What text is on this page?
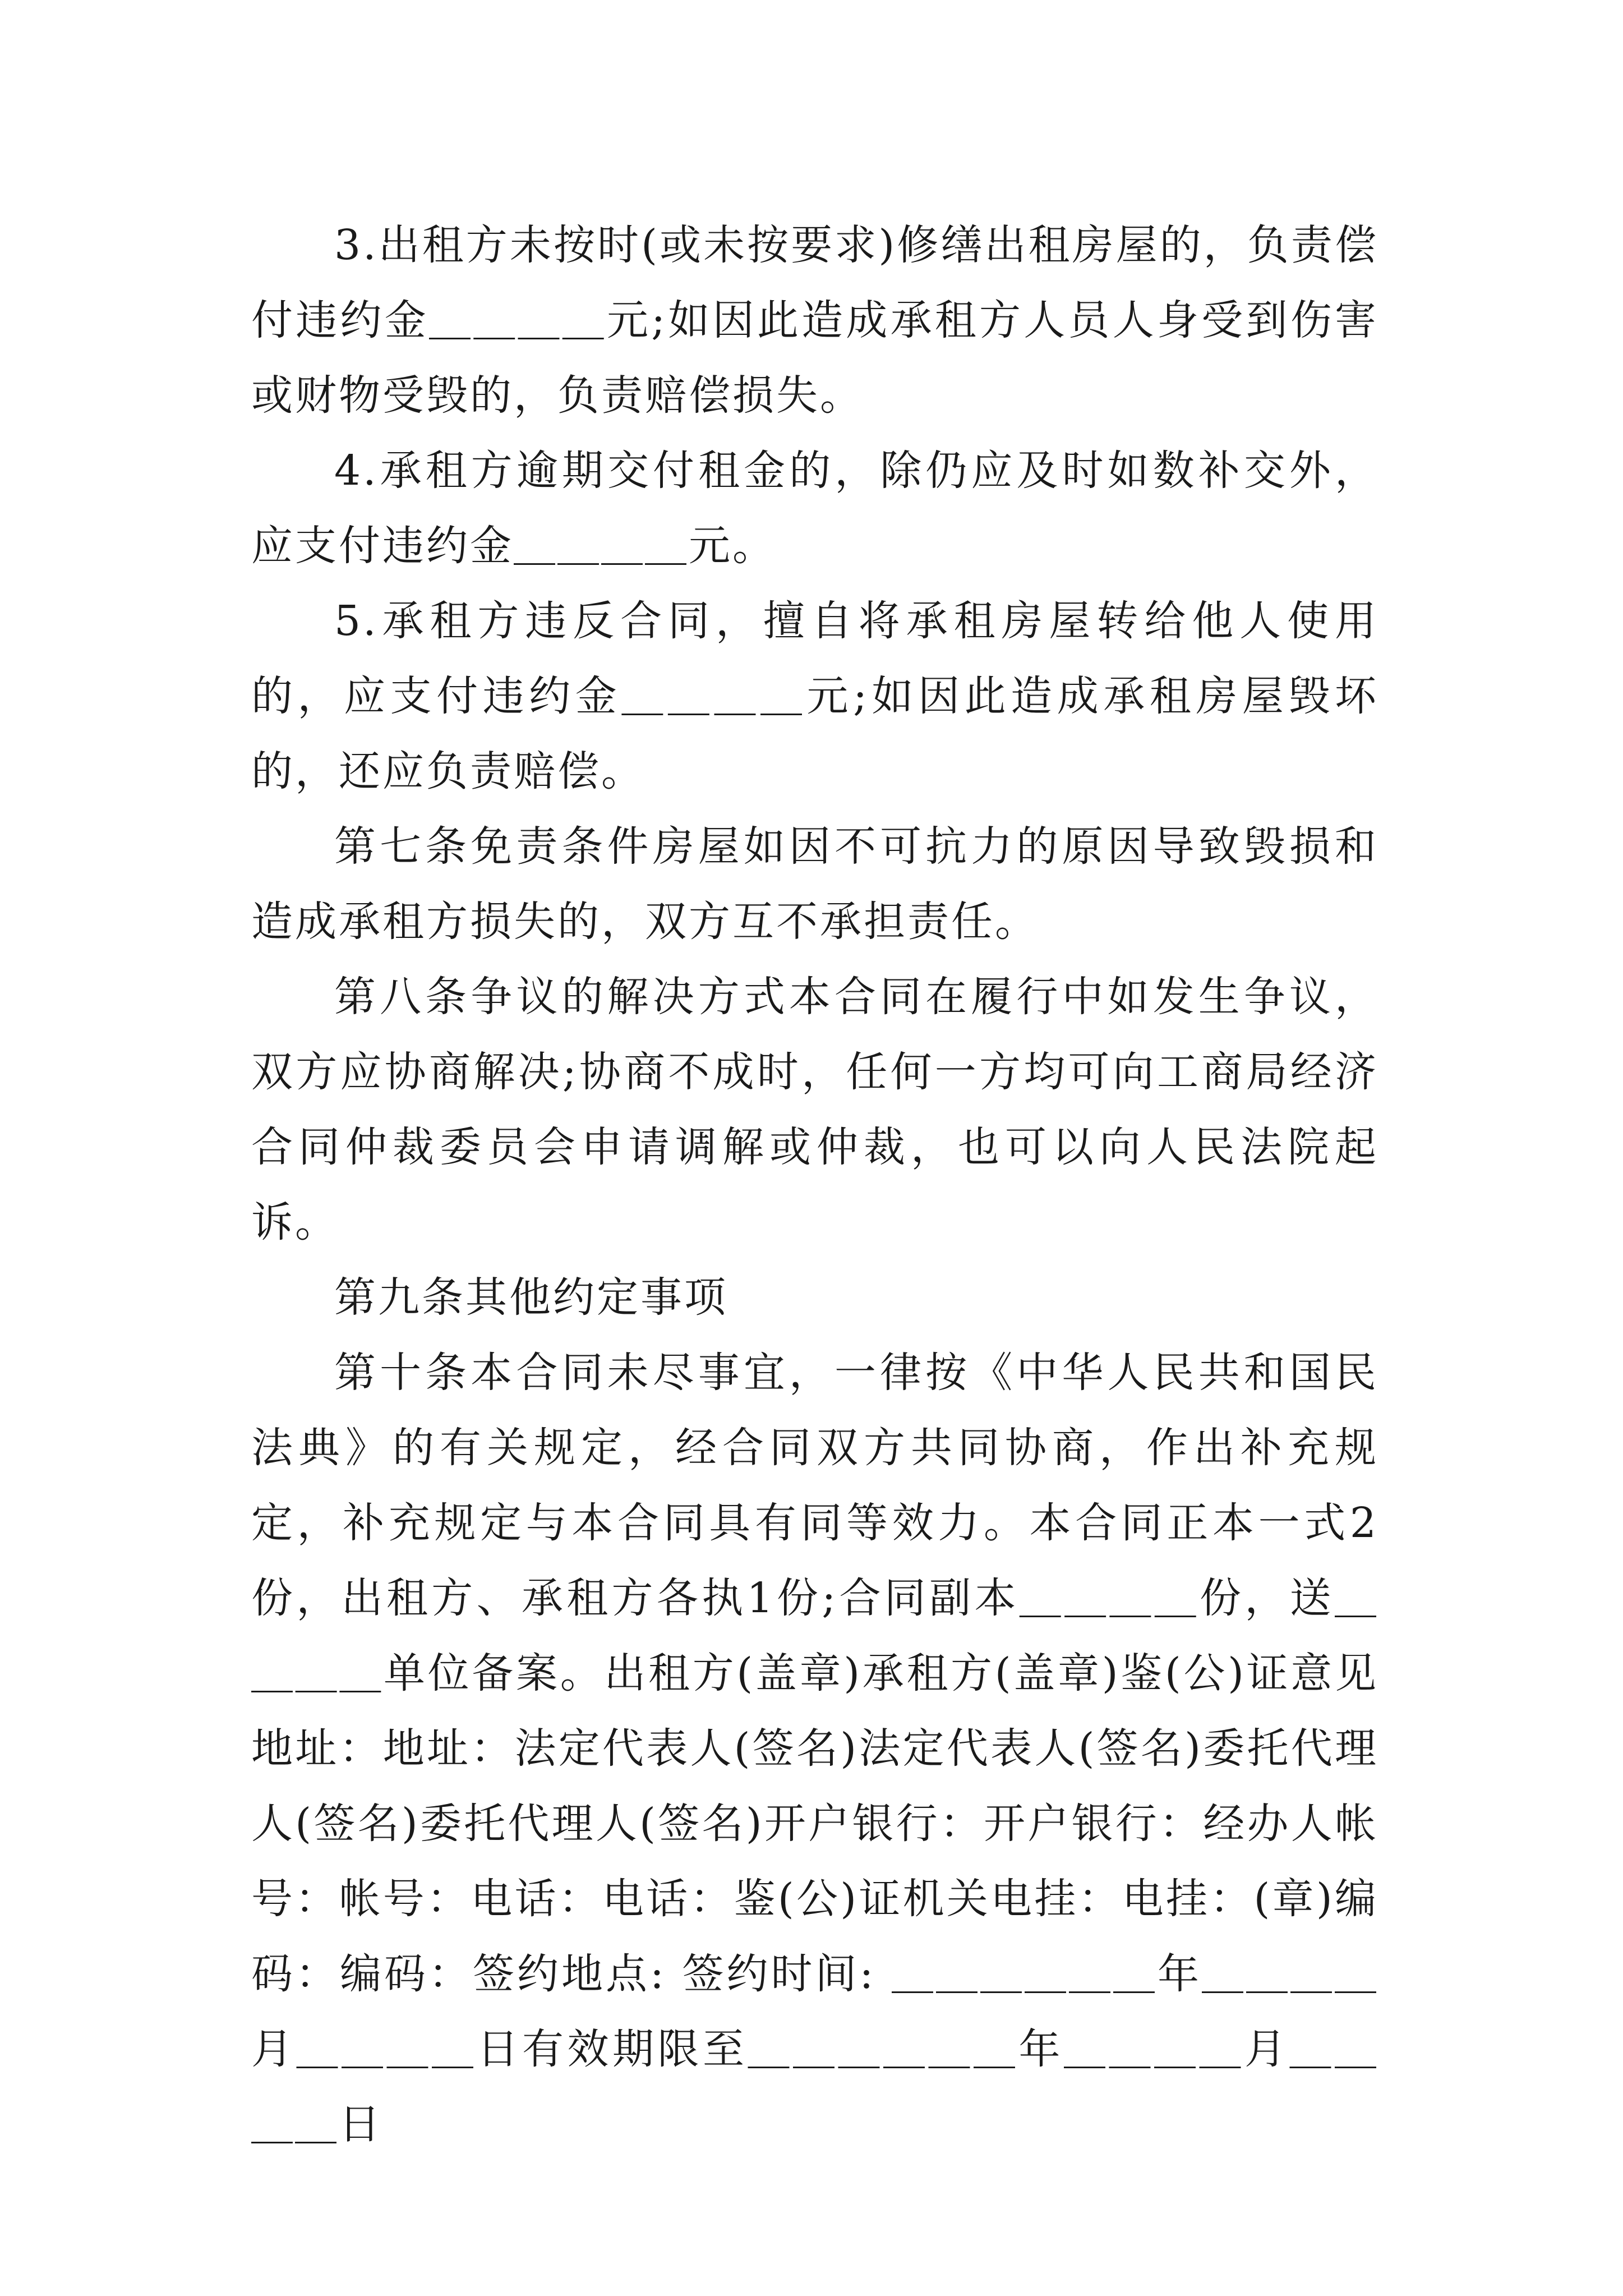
3.出租方未按时(或未按要求)修缮出租房屋的，负责偿付违约金＿＿＿＿元;如因此造成承租方人员人身受到伤害或财物受毁的，负责赔偿损失。

4.承租方逾期交付租金的，除仍应及时如数补交外，应支付违约金＿＿＿＿元。

5.承租方违反合同，擅自将承租房屋转给他人使用的，应支付违约金＿＿＿＿元;如因此造成承租房屋毁坏的，还应负责赔偿。

第七条免责条件房屋如因不可抗力的原因导致毁损和造成承租方损失的，双方互不承担责任。

第八条争议的解决方式本合同在履行中如发生争议，双方应协商解决;协商不成时，任何一方均可向工商局经济合同仲裁委员会申请调解或仲裁，也可以向人民法院起诉。

第九条其他约定事项

第十条本合同未尽事宜，一律按《中华人民共和国民法典》的有关规定，经合同双方共同协商，作出补充规定，补充规定与本合同具有同等效力。本合同正本一式2份，出租方、承租方各执1份;合同副本＿＿＿＿份，送＿＿＿＿单位备案。出租方(盖章)承租方(盖章)鉴(公)证意见地址：地址：法定代表人(签名)法定代表人(签名)委托代理人(签名)委托代理人(签名)开户银行：开户银行：经办人帐号：帐号：电话：电话：鉴(公)证机关电挂：电挂：(章)编码：编码：签约地点: 签约时间: ＿＿＿＿＿＿年＿＿＿＿月＿＿＿＿日有效期限至＿＿＿＿＿＿年＿＿＿＿月＿＿＿＿日
